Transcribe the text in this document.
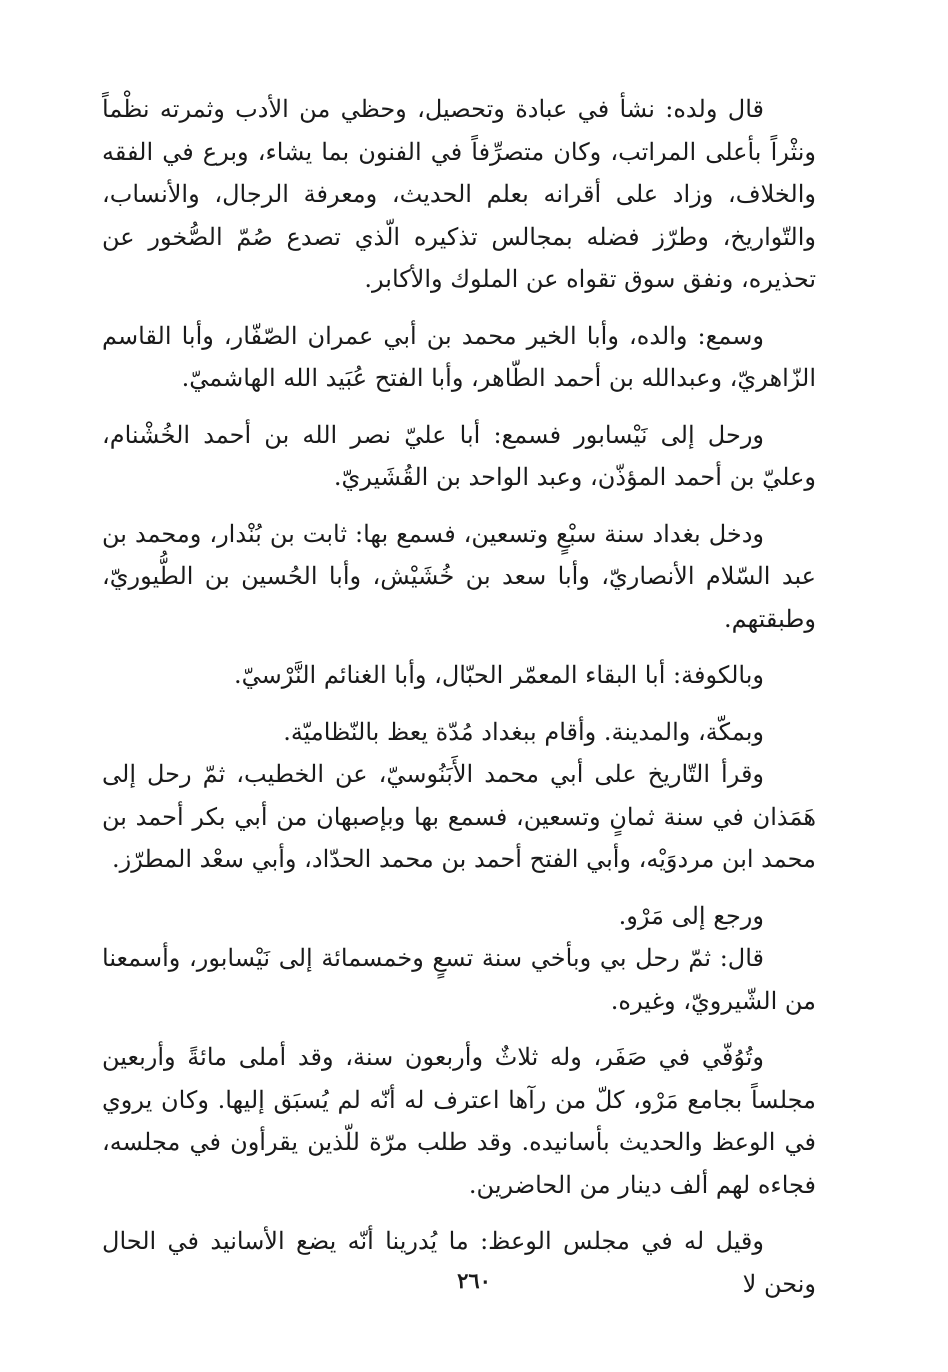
قال ولده: نشأ في عبادة وتحصيل، وحظي من الأدب وثمرته نظْماً ونثْراً بأعلى المراتب، وكان متصرِّفاً في الفنون بما يشاء، وبرع في الفقه والخلاف، وزاد على أقرانه بعلم الحديث، ومعرفة الرجال، والأنساب، والتّواريخ، وطرّز فضله بمجالس تذكيره الّذي تصدع صُمّ الصُّخور عن تحذيره، ونفق سوق تقواه عن الملوك والأكابر.

وسمع: والده، وأبا الخير محمد بن أبي عمران الصّفّار، وأبا القاسم الزّاهريّ، وعبدالله بن أحمد الطّاهر، وأبا الفتح عُبَيد الله الهاشميّ.

ورحل إلى نَيْسابور فسمع: أبا عليّ نصر الله بن أحمد الخُشْنام، وعليّ بن أحمد المؤذّن، وعبد الواحد بن القُشَيريّ.

ودخل بغداد سنة سبْعٍ وتسعين، فسمع بها: ثابت بن بُنْدار، ومحمد بن عبد السّلام الأنصاريّ، وأبا سعد بن خُشَيْش، وأبا الحُسين بن الطُّيوريّ، وطبقتهم.

وبالكوفة: أبا البقاء المعمّر الحبّال، وأبا الغنائم النَّرْسيّ.

وبمكّة، والمدينة. وأقام ببغداد مُدّة يعظ بالنّظاميّة.

وقرأ التّاريخ على أبي محمد الأَبَنُوسيّ، عن الخطيب، ثمّ رحل إلى هَمَذان في سنة ثمانٍ وتسعين، فسمع بها وبإصبهان من أبي بكر أحمد بن محمد ابن مردوَيْه، وأبي الفتح أحمد بن محمد الحدّاد، وأبي سعْد المطرّز.

ورجع إلى مَرْو.

قال: ثمّ رحل بي وبأخي سنة تسعٍ وخمسمائة إلى نَيْسابور، وأسمعنا من الشّيرويّ، وغيره.

وتُوُفّي في صَفَر، وله ثلاثٌ وأربعون سنة، وقد أملى مائةً وأربعين مجلساً بجامع مَرْو، كلّ من رآها اعترف له أنّه لم يُسبَق إليها. وكان يروي في الوعظ والحديث بأسانيده. وقد طلب مرّة للّذين يقرأون في مجلسه، فجاءه لهم ألف دينار من الحاضرين.

وقيل له في مجلس الوعظ: ما يُدرينا أنّه يضع الأسانيد في الحال ونحن لا

٢٦٠
